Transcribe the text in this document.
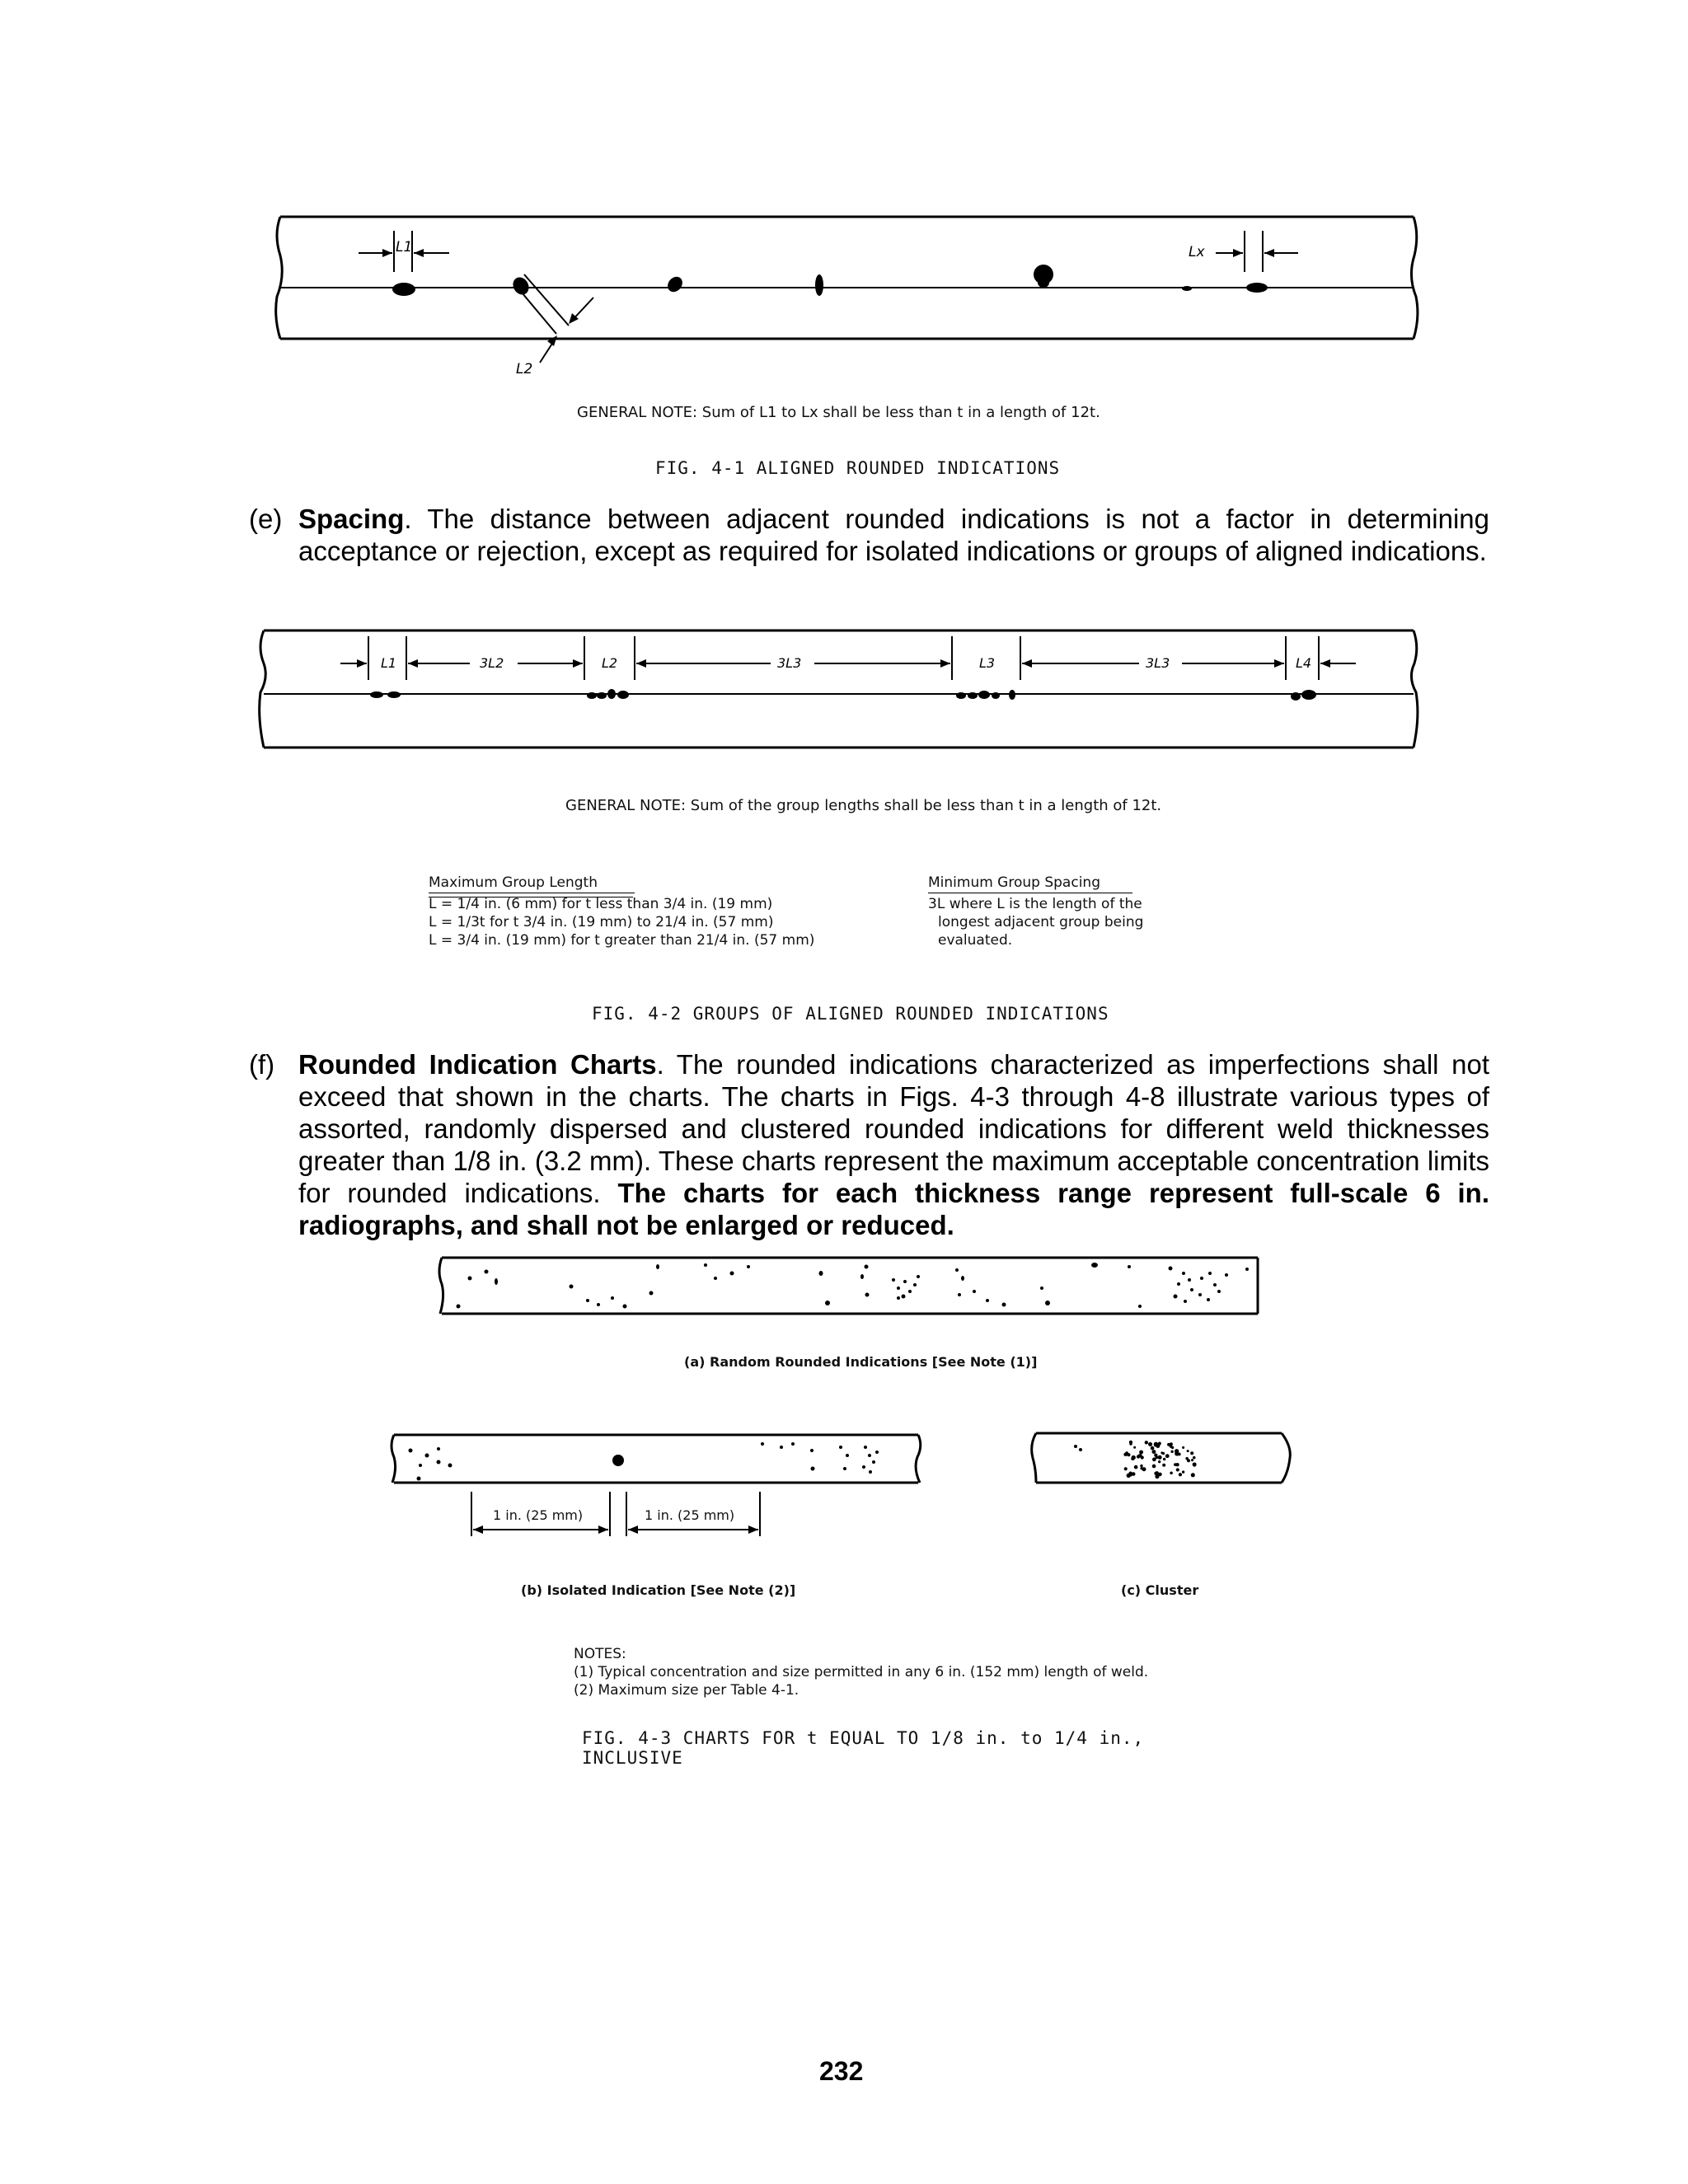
L1	Lx
L2
GENERAL NOTE: Sum of L1 to Lx shall be less than t in a length of 12t.
FIG. 4-1 ALIGNED ROUNDED INDICATIONS
(e) Spacing. The distance between adjacent rounded indications is not a factor in determining acceptance or rejection, except as required for isolated indications or groups of aligned indications.
L1	3L2	L2	3L3	L3	3L3	L4
GENERAL NOTE: Sum of the group lengths shall be less than t in a length of 12t.
Maximum Group Length
L = 1/4 in. (6 mm) for t less than 3/4 in. (19 mm)
L = 1/3t for t 3/4 in. (19 mm) to 21/4 in. (57 mm)
L = 3/4 in. (19 mm) for t greater than 21/4 in. (57 mm)
Minimum Group Spacing
3L where L is the length of the
longest adjacent group being
evaluated.
FIG. 4-2 GROUPS OF ALIGNED ROUNDED INDICATIONS
(f) Rounded Indication Charts. The rounded indications characterized as imperfections shall not exceed that shown in the charts. The charts in Figs. 4-3 through 4-8 illustrate various types of assorted, randomly dispersed and clustered rounded indications for different weld thicknesses greater than 1/8 in. (3.2 mm). These charts represent the maximum acceptable concentration limits for rounded indications. The charts for each thickness range represent full-scale 6 in. radiographs, and shall not be enlarged or reduced.
(a) Random Rounded Indications [See Note (1)]
1 in. (25 mm)	1 in. (25 mm)
(b) Isolated Indication [See Note (2)]	(c) Cluster
NOTES:
(1) Typical concentration and size permitted in any 6 in. (152 mm) length of weld.
(2) Maximum size per Table 4-1.
FIG. 4-3 CHARTS FOR t EQUAL TO 1/8 in. to 1/4 in., INCLUSIVE
232
